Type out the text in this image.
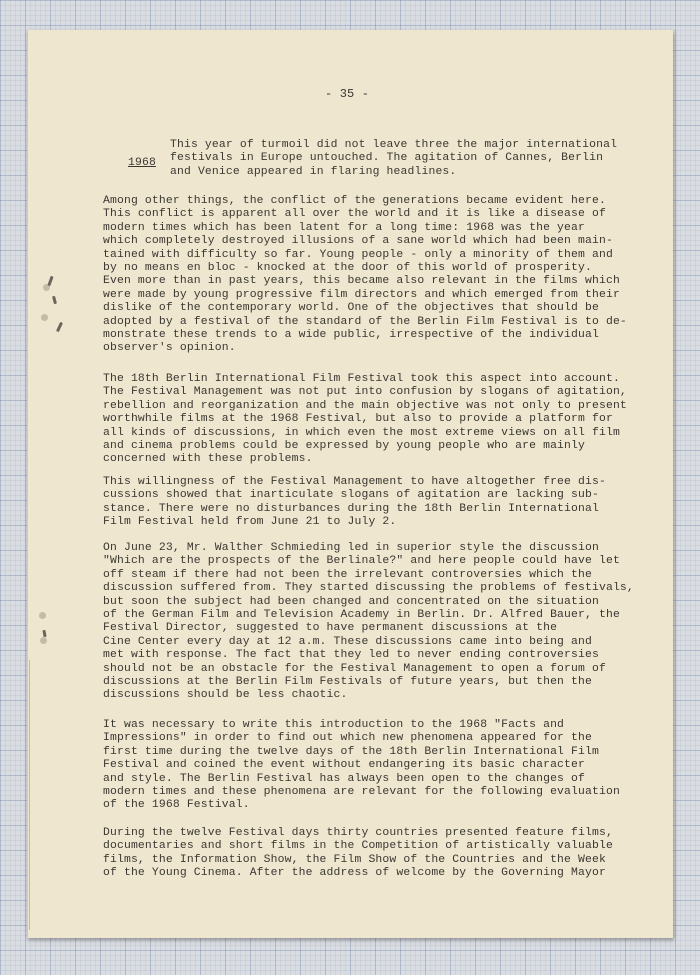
- 35 -
1968
This year of turmoil did not leave three the major international
festivals in Europe untouched. The agitation of Cannes, Berlin
and Venice appeared in flaring headlines.
Among other things, the conflict of the generations became evident here.
This conflict is apparent all over the world and it is like a disease of
modern times which has been latent for a long time: 1968 was the year
which completely destroyed illusions of a sane world which had been main-
tained with difficulty so far. Young people - only a minority of them and
by no means en bloc - knocked at the door of this world of prosperity.
Even more than in past years, this became also relevant in the films which
were made by young progressive film directors and which emerged from their
dislike of the contemporary world. One of the objectives that should be
adopted by a festival of the standard of the Berlin Film Festival is to de-
monstrate these trends to a wide public, irrespective of the individual
observer's opinion.
The 18th Berlin International Film Festival took this aspect into account.
The Festival Management was not put into confusion by slogans of agitation,
rebellion and reorganization and the main objective was not only to present
worthwhile films at the 1968 Festival, but also to provide a platform for
all kinds of discussions, in which even the most extreme views on all film
and cinema problems could be expressed by young people who are mainly
concerned with these problems.
This willingness of the Festival Management to have altogether free dis-
cussions showed that inarticulate slogans of agitation are lacking sub-
stance. There were no disturbances during the 18th Berlin International
Film Festival held from June 21 to July 2.
On June 23, Mr. Walther Schmieding led in superior style the discussion
"Which are the prospects of the Berlinale?" and here people could have let
off steam if there had not been the irrelevant controversies which the
discussion suffered from. They started discussing the problems of festivals,
but soon the subject had been changed and concentrated on the situation
of the German Film and Television Academy in Berlin. Dr. Alfred Bauer, the
Festival Director, suggested to have permanent discussions at the
Cine Center every day at 12 a.m. These discussions came into being and
met with response. The fact that they led to never ending controversies
should not be an obstacle for the Festival Management to open a forum of
discussions at the Berlin Film Festivals of future years, but then the
discussions should be less chaotic.
It was necessary to write this introduction to the 1968 "Facts and
Impressions" in order to find out which new phenomena appeared for the
first time during the twelve days of the 18th Berlin International Film
Festival and coined the event without endangering its basic character
and style. The Berlin Festival has always been open to the changes of
modern times and these phenomena are relevant for the following evaluation
of the 1968 Festival.
During the twelve Festival days thirty countries presented feature films,
documentaries and short films in the Competition of artistically valuable
films, the Information Show, the Film Show of the Countries and the Week
of the Young Cinema. After the address of welcome by the Governing Mayor
